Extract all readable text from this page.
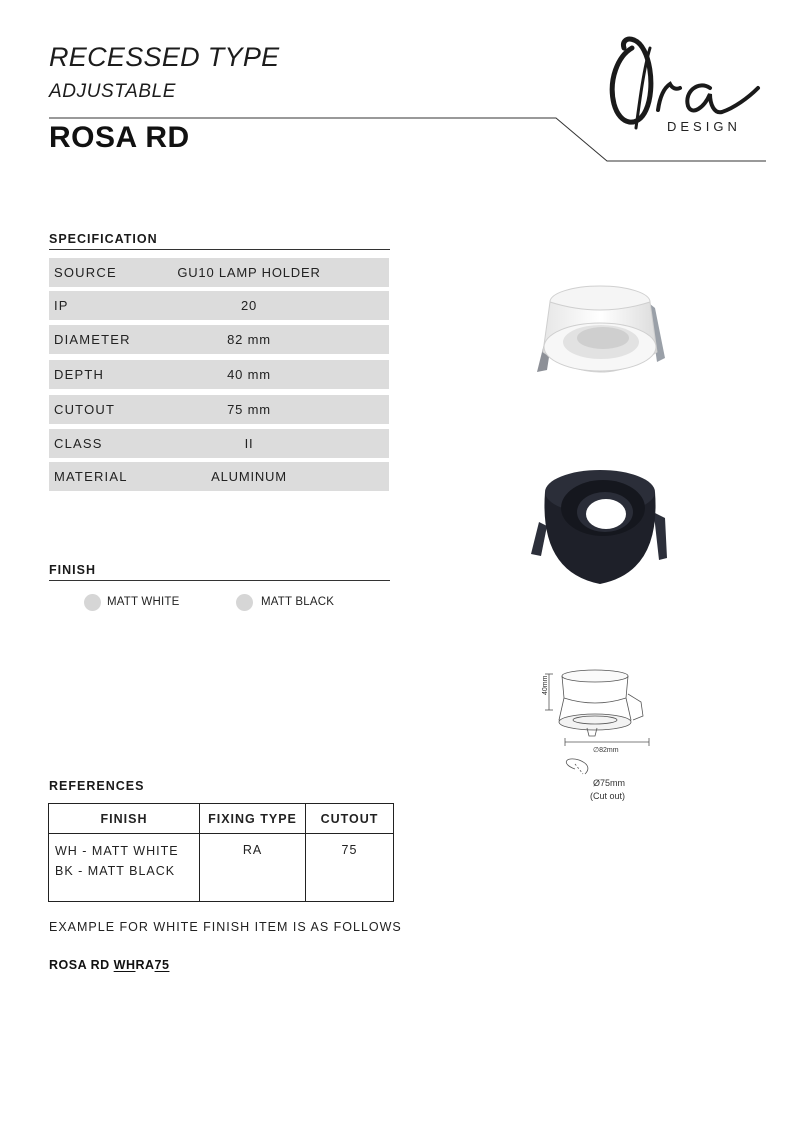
RECESSED TYPE
ADJUSTABLE
ROSA RD	DESIGN
SPECIFICATION
SOURCE	GU10 LAMP HOLDER
IP	20
DIAMETER	82 mm
DEPTH	40 mm
CUTOUT	75 mm
CLASS	II
MATERIAL	ALUMINUM
FINISH
MATT WHITE	MATT BLACK
REFERENCES
FINISH	FIXING TYPE	CUTOUT

WH - MATT WHITE
BK - MATT BLACK	RA	75
EXAMPLE FOR WHITE FINISH ITEM IS AS FOLLOWS
ROSA RD WHRA75
40mm
∅82mm
Ø75mm
(Cut out)
